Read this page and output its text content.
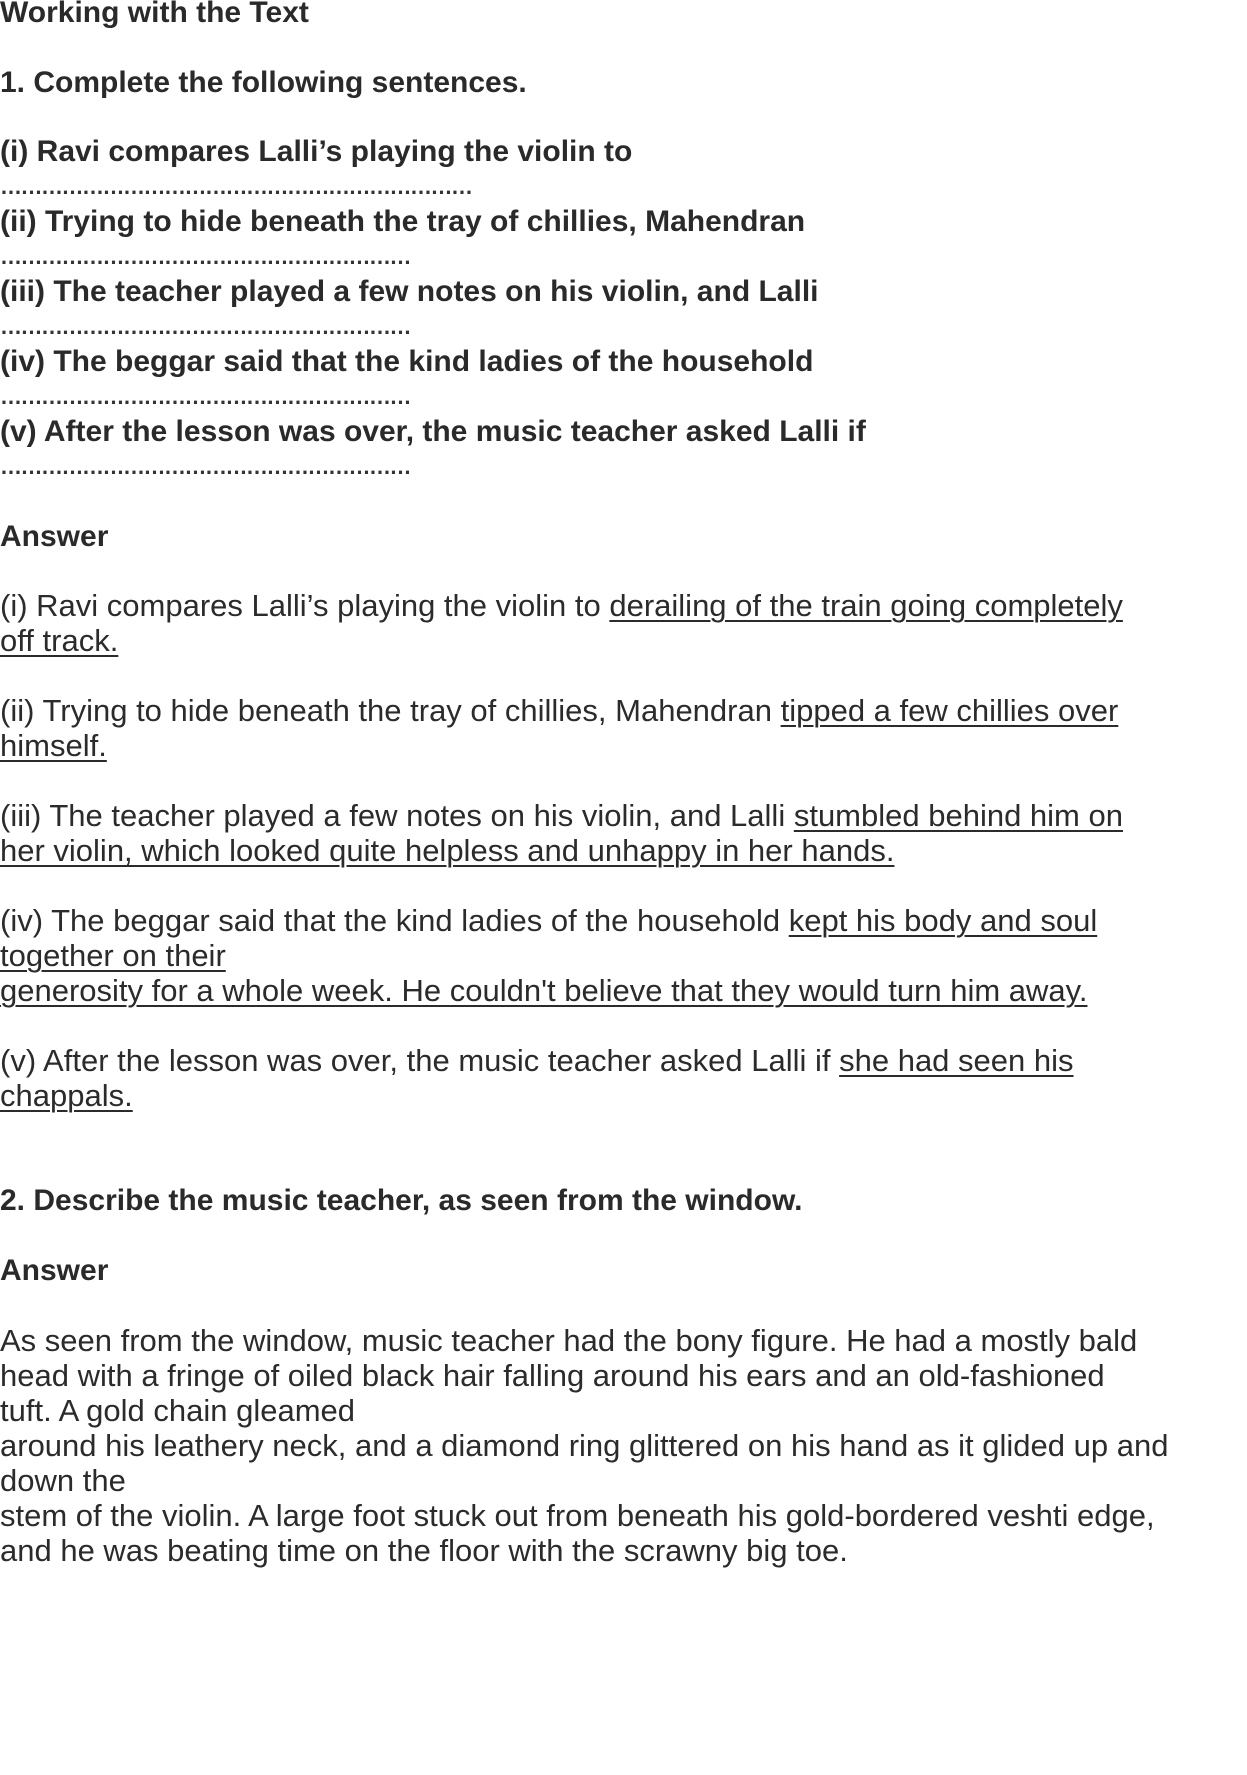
Working with the Text
1. Complete the following sentences.
(i) Ravi compares Lalli’s playing the violin to
……………………………………………………………
(ii) Trying to hide beneath the tray of chillies, Mahendran
……………………………………………………
(iii) The teacher played a few notes on his violin, and Lalli
……………………………………………………
(iv) The beggar said that the kind ladies of the household
……………………………………………………
(v) After the lesson was over, the music teacher asked Lalli if
……………………………………………………
Answer
(i) Ravi compares Lalli’s playing the violin to derailing of the train going completely
off track.
(ii) Trying to hide beneath the tray of chillies, Mahendran tipped a few chillies over
himself.
(iii) The teacher played a few notes on his violin, and Lalli stumbled behind him on
her violin, which looked quite helpless and unhappy in her hands.
(iv) The beggar said that the kind ladies of the household kept his body and soul
together on their
generosity for a whole week. He couldn't believe that they would turn him away.
(v) After the lesson was over, the music teacher asked Lalli if she had seen his
chappals.
2. Describe the music teacher, as seen from the window.
Answer
As seen from the window, music teacher had the bony figure. He had a mostly bald
head with a fringe of oiled black hair falling around his ears and an old-fashioned
tuft. A gold chain gleamed
around his leathery neck, and a diamond ring glittered on his hand as it glided up and
down the
stem of the violin. A large foot stuck out from beneath his gold-bordered veshti edge,
and he was beating time on the floor with the scrawny big toe.
